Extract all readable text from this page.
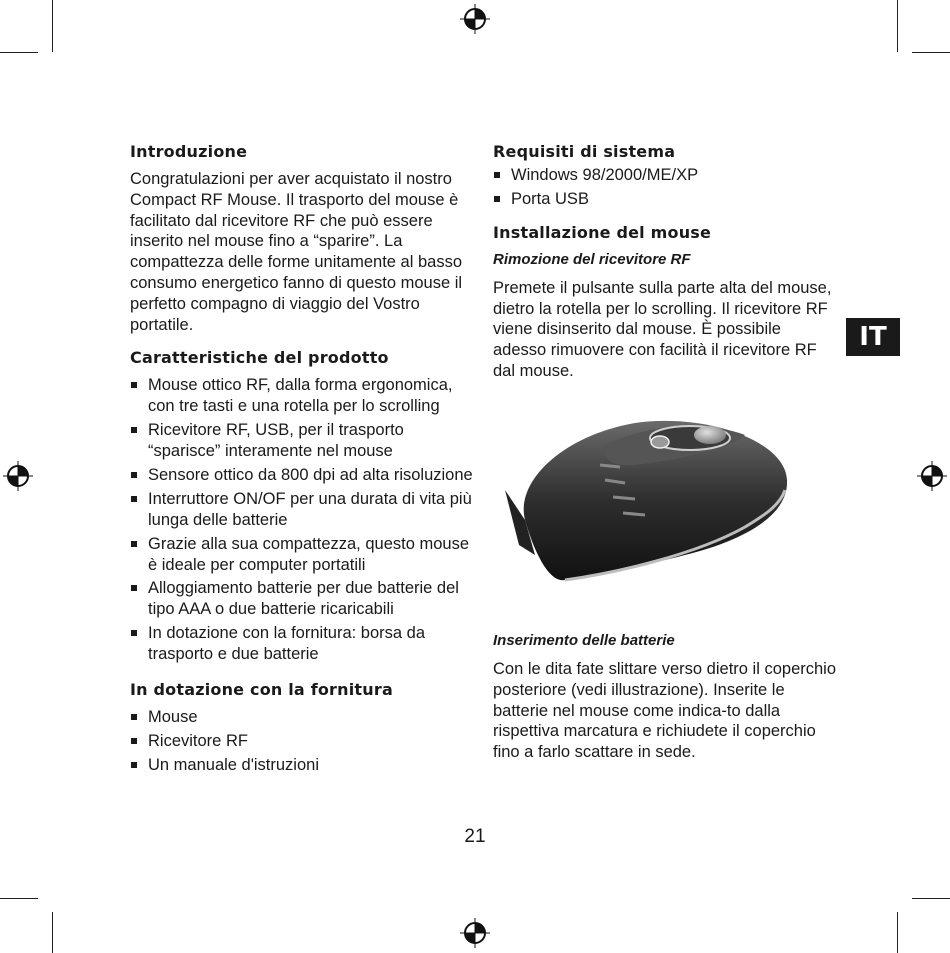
Introduzione

Congratulazioni per aver acquistato il nostro Compact RF Mouse. Il trasporto del mouse è facilitato dal ricevitore RF che può essere inserito nel mouse fino a “sparire”. La compattezza delle forme unitamente al basso consumo energetico fanno di questo mouse il perfetto compagno di viaggio del Vostro portatile.

Caratteristiche del prodotto
Mouse ottico RF, dalla forma ergonomica, con tre tasti e una rotella per lo scrolling
Ricevitore RF, USB, per il trasporto “sparisce” interamente nel mouse
Sensore ottico da 800 dpi ad alta risoluzione
Interruttore ON/OF per una durata di vita più lunga delle batterie
Grazie alla sua compattezza, questo mouse è ideale per computer portatili
Alloggiamento batterie per due batterie del tipo AAA o due batterie ricaricabili
In dotazione con la fornitura: borsa da trasporto e due batterie
In dotazione con la fornitura
Mouse
Ricevitore RF
Un manuale d'istruzioni
Requisiti di sistema
Windows 98/2000/ME/XP
Porta USB
Installazione del mouse
Rimozione del ricevitore RF

Premete il pulsante sulla parte alta del mouse, dietro la rotella per lo scrolling. Il ricevitore RF viene disinserito dal mouse. È possibile adesso rimuovere con facilità il ricevitore RF dal mouse.

Inserimento delle batterie

Con le dita fate slittare verso dietro il coperchio posteriore (vedi illustrazione). Inserite le batterie nel mouse come indica-to dalla rispettiva marcatura e richiudete il coperchio fino a farlo scattare in sede.

IT
21
